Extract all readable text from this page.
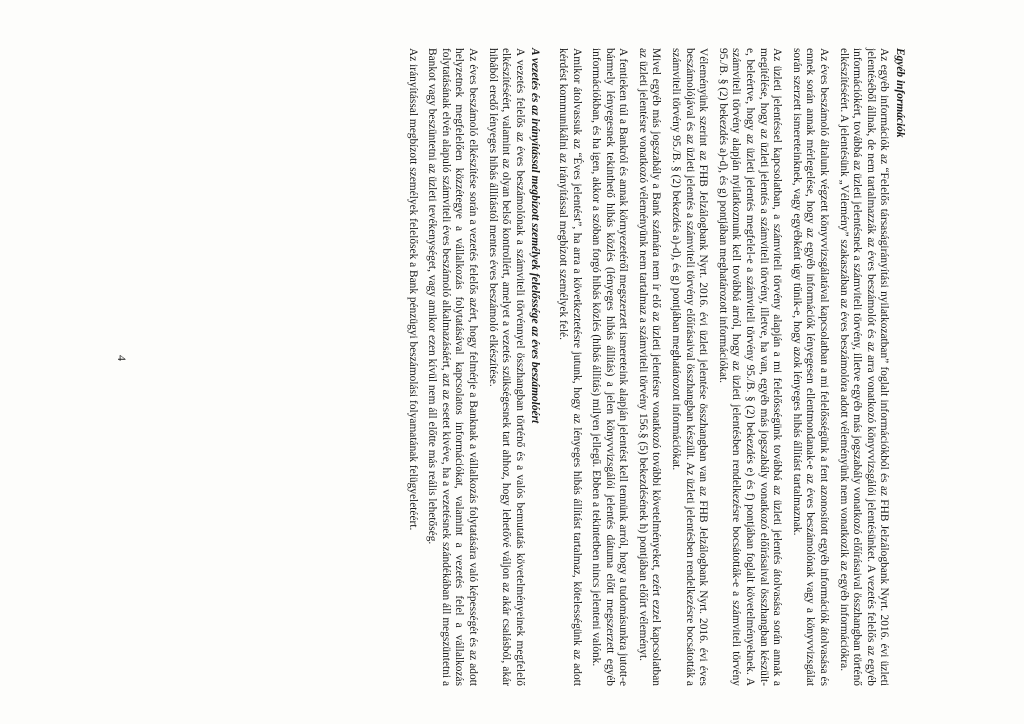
Egyéb információk

Az egyéb információk az “Felelős társaságirányítási nyilatkozatban” foglalt információkból és az FHB Jelzálogbank Nyrt. 2016. évi üzleti jelentéséből állnak, de nem tartalmazzák az éves beszámolót és az arra vonatkozó könyvvizsgálói jelentésünket. A vezetés felelős az egyéb információkért, továbbá az üzleti jelentésnek a számviteli törvény, illetve egyéb más jogszabály vonatkozó előírásaival összhangban történő elkészítéséért. A jelentésünk „Vélemény” szakaszában az éves beszámolóra adott véleményünk nem vonatkozik az egyéb információkra.

Az éves beszámoló általunk végzett könyvvizsgálatával kapcsolatban a mi felelősségünk a fent azonosított egyéb információk átolvasása és ennek során annak mérlegelése, hogy az egyéb információk lényegesen ellentmondanak-e az éves beszámolónak vagy a könyvvizsgálat során szerzett ismereteinknek, vagy egyébként úgy tűnik-e, hogy azok lényeges hibás állítást tartalmaznak.

Az üzleti jelentéssel kapcsolatban, a számviteli törvény alapján a mi felelősségünk továbbá az üzleti jelentés átolvasása során annak a megítélése, hogy az üzleti jelentés a számviteli törvény, illetve, ha van, egyéb más jogszabály vonatkozó előírásaival összhangban készült-e, beleértve, hogy az üzleti jelentés megfelel-e a számviteli törvény 95./B. § (2) bekezdés e) és f) pontjában foglalt követelményeknek. A számviteli törvény alapján nyilatkoznunk kell továbbá arról, hogy az üzleti jelentésben rendelkezésre bocsátották-e a számviteli törvény 95./B. § (2) bekezdés a)-d), és g) pontjában meghatározott információkat.

Véleményünk szerint az FHB Jelzálogbank Nyrt. 2016. évi üzleti jelentése összhangban van az FHB Jelzálogbank Nyrt. 2016. évi éves beszámolójával és az üzleti jelentés a számviteli törvény előírásaival összhangban készült. Az üzleti jelentésben rendelkezésre bocsátották a számviteli törvény 95./B. § (2) bekezdés a)-d), és g) pontjában meghatározott információkat.

Mivel egyéb más jogszabály a Bank számára nem ír elő az üzleti jelentésre vonatkozó további követelményeket, ezért ezzel kapcsolatban az üzleti jelentésre vonatkozó véleményünk nem tartalmaz a számviteli törvény 156.§ (5) bekezdésének h) pontjában előírt véleményt.

A fentieken túl a Bankról és annak környezetéről megszerzett ismereteink alapján jelentést kell tennünk arról, hogy a tudomásunkra jutott-e bármely lényegesnek tekinthető hibás közlés (lényeges hibás állítás) a jelen könyvvizsgálói jelentés dátuma előtt megszerzett egyéb információkban, és ha igen, akkor a szóban forgó hibás közlés (hibás állítás) milyen jellegű. Ebben a tekintetben nincs jelenteni valónk.

Amikor átolvassuk az “Éves jelentést”, ha arra a következtetésre jutunk, hogy az lényeges hibás állítást tartalmaz, kötelességünk az adott kérdést kommunikálni az irányítással megbízott személyek felé.

A vezetés és az irányítással megbízott személyek felelőssége az éves beszámolóért

A vezetés felelős az éves beszámolónak a számviteli törvénnyel összhangban történő és a valós bemutatás követelményeinek megfelelő elkészítéséért, valamint az olyan belső kontrollért, amelyet a vezetés szükségesnek tart ahhoz, hogy lehetővé váljon az akár csalásból, akár hibából eredő lényeges hibás állítástól mentes éves beszámoló elkészítése.

Az éves beszámoló elkészítése során a vezetés felelős azért, hogy felmérje a Banknak a vállalkozás folytatására való képességét és az adott helyzetnek megfelelően közzétegye a vállalkozás folytatásával kapcsolatos információkat, valamint a vezetés felel a vállalkozás folytatásának elvén alapuló számviteli éves beszámoló alkalmazásáért, azt az esetet kivéve, ha a vezetésnek szándékában áll megszüntetni a Bankot vagy beszüntetni az üzleti tevékenységet, vagy amikor ezen kívül nem áll előtte más reális lehetőség.

Az irányítással megbízott személyek felelősek a Bank pénzügyi beszámolási folyamatának felügyeletéért.

4
